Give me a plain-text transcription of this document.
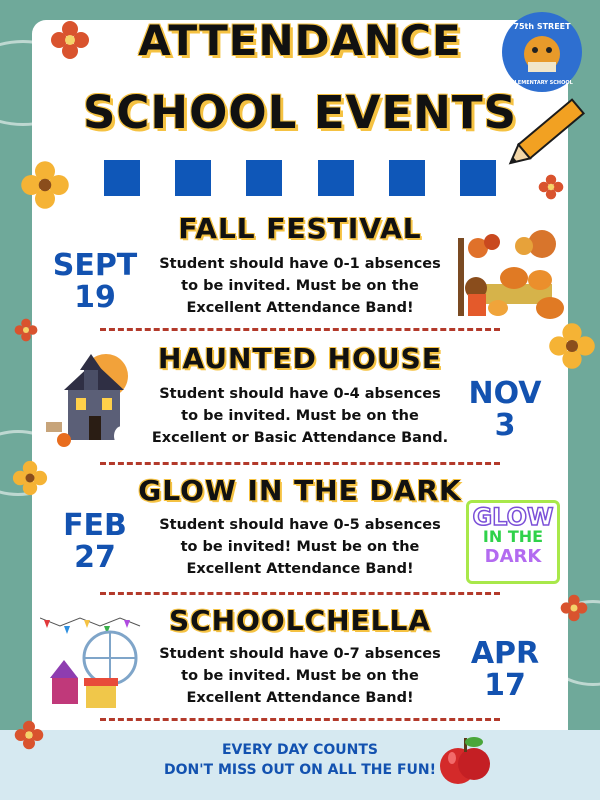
75th STREET
ELEMENTARY SCHOOL
ATTENDANCE
SCHOOL EVENTS
FALL FESTIVAL
SEPT
19
Student should have 0-1 absences
to be invited. Must be on the
Excellent Attendance Band!
HAUNTED HOUSE
Student should have 0-4 absences
to be invited. Must be on the
Excellent or Basic Attendance Band.
NOV
3
GLOW IN THE DARK
FEB
27
Student should have 0-5 absences
to be invited! Must be on the
Excellent Attendance Band!
GLOW
IN THE
DARK
SCHOOLCHELLA
Student should have 0-7 absences
to be invited. Must be on the
Excellent Attendance Band!
APR
17
EVERY DAY COUNTS
DON'T MISS OUT ON ALL THE FUN!
